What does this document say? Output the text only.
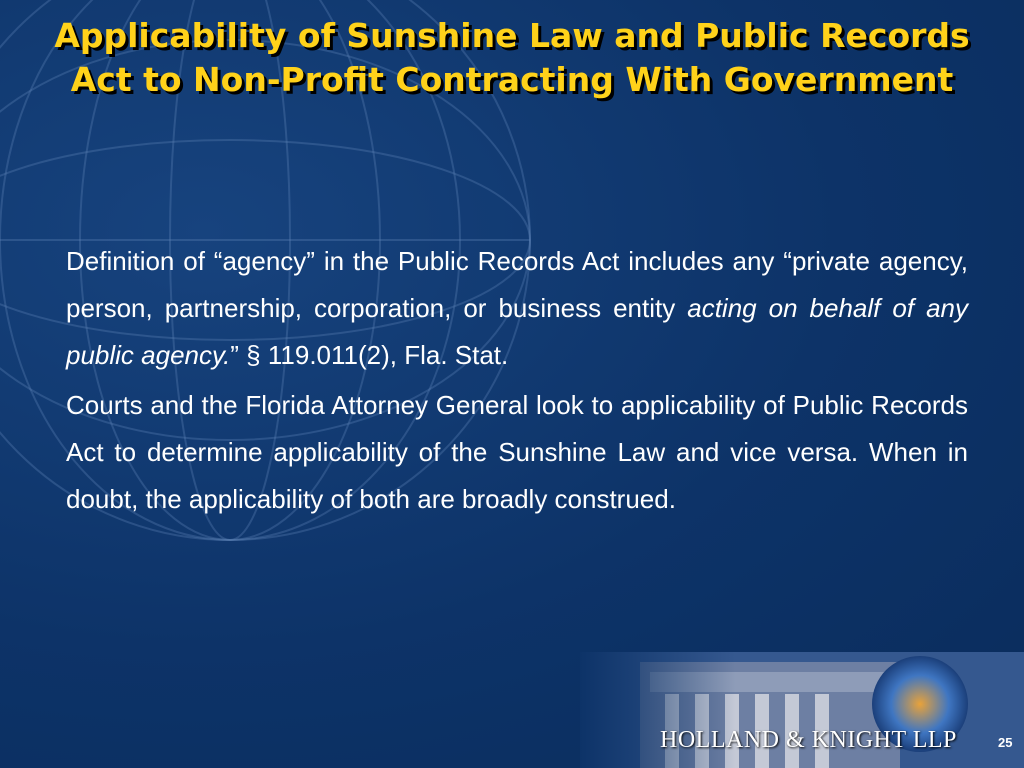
Applicability of Sunshine Law and Public Records Act to Non-Profit Contracting With Government

Definition of “agency” in the Public Records Act includes any “private agency, person, partnership, corporation, or business entity acting on behalf of any public agency.” § 119.011(2), Fla. Stat.

Courts and the Florida Attorney General look to applicability of Public Records Act to determine applicability of the Sunshine Law and vice versa. When in doubt, the applicability of both are broadly construed.

HOLLAND & KNIGHT LLP	25
